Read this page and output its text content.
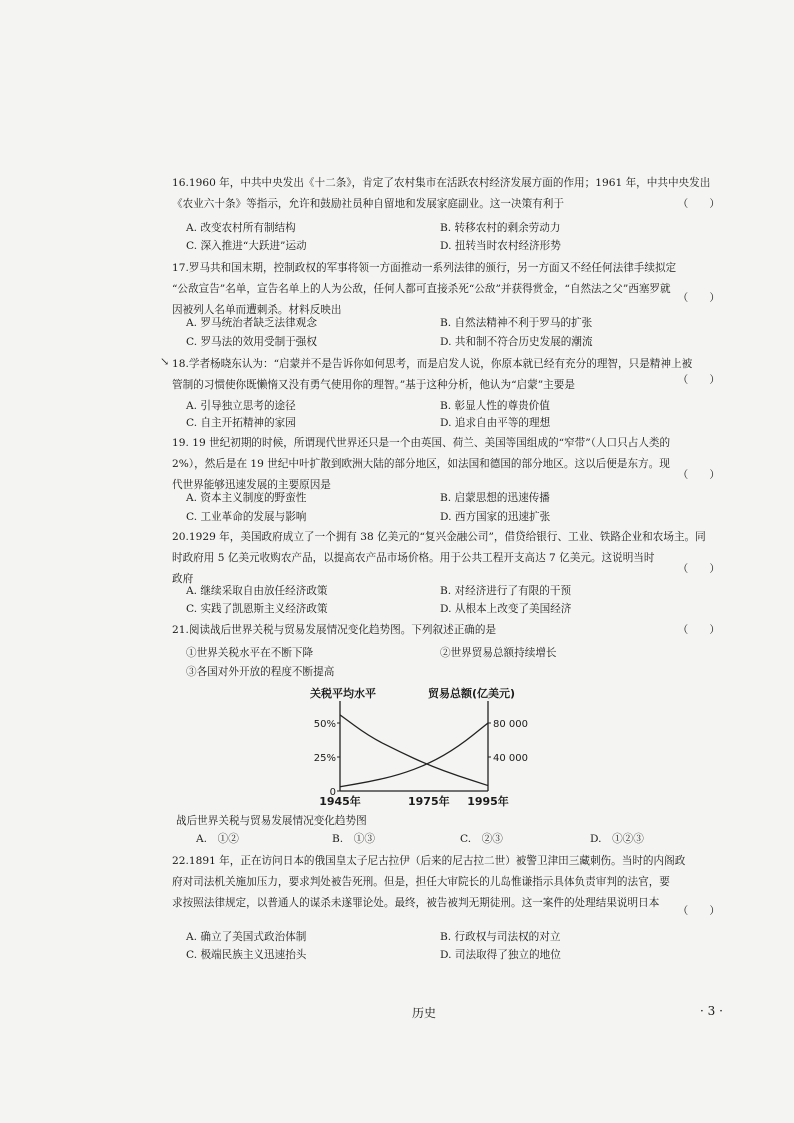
16.1960 年，中共中央发出《十二条》，肯定了农村集市在活跃农村经济发展方面的作用；1961 年，中共中央发出
《农业六十条》等指示，允许和鼓励社员种自留地和发展家庭副业。这一决策有利于	（　　）
A. 改变农村所有制结构	B. 转移农村的剩余劳动力
C. 深入推进“大跃进”运动	D. 扭转当时农村经济形势
17.罗马共和国末期，控制政权的军事将领一方面推动一系列法律的颁行，另一方面又不经任何法律手续拟定
“公敌宣告”名单，宣告名单上的人为公敌，任何人都可直接杀死“公敌”并获得赏金，“自然法之父”西塞罗就
因被列人名单而遭刺杀。材料反映出
（　　）
A. 罗马统治者缺乏法律观念	B. 自然法精神不利于罗马的扩张
C. 罗马法的效用受制于强权	D. 共和制不符合历史发展的潮流
↘ 18.学者杨晓东认为：“启蒙并不是告诉你如何思考，而是启发人说，你原本就已经有充分的理智，只是精神上被
管制的习惯使你既懒惰又没有勇气使用你的理智。”基于这种分析，他认为“启蒙”主要是	（　　）
A. 引导独立思考的途径	B. 彰显人性的尊贵价值
C. 自主开拓精神的家园	D. 追求自由平等的理想
19. 19 世纪初期的时候，所谓现代世界还只是一个由英国、荷兰、美国等国组成的“窄带”（人口只占人类的
2%），然后是在 19 世纪中叶扩散到欧洲大陆的部分地区，如法国和德国的部分地区。这以后便是东方。现
代世界能够迅速发展的主要原因是
（　　）
A. 资本主义制度的野蛮性	B. 启蒙思想的迅速传播
C. 工业革命的发展与影响	D. 西方国家的迅速扩张
20.1929 年，美国政府成立了一个拥有 38 亿美元的“复兴金融公司”，借贷给银行、工业、铁路企业和农场主。同
时政府用 5 亿美元收购农产品，以提高农产品市场价格。用于公共工程开支高达 7 亿美元。这说明当时
政府
（　　）
A. 继续采取自由放任经济政策	B. 对经济进行了有限的干预
C. 实践了凯恩斯主义经济政策	D. 从根本上改变了美国经济
21.阅读战后世界关税与贸易发展情况变化趋势图。下列叙述正确的是	（　　）
①世界关税水平在不断下降	②世界贸易总额持续增长
③各国对外开放的程度不断提高
关税平均水平	贸易总额(亿美元)
50%
25%
0
80 000
40 000
1945年	1975年 1995年
战后世界关税与贸易发展情况变化趋势图
A.　①②	B.　①③	C.　②③	D.　①②③
22.1891 年，正在访问日本的俄国皇太子尼古拉伊（后来的尼古拉二世）被警卫津田三藏刺伤。当时的内阁政
府对司法机关施加压力，要求判处被告死刑。但是，担任大审院长的儿岛惟谦指示具体负责审判的法官，要
求按照法律规定，以普通人的谋杀未遂罪论处。最终，被告被判无期徒刑。这一案件的处理结果说明日本
（　　）
A. 确立了美国式政治体制	B. 行政权与司法权的对立
C. 极端民族主义迅速抬头	D. 司法取得了独立的地位
历史	· 3 ·
